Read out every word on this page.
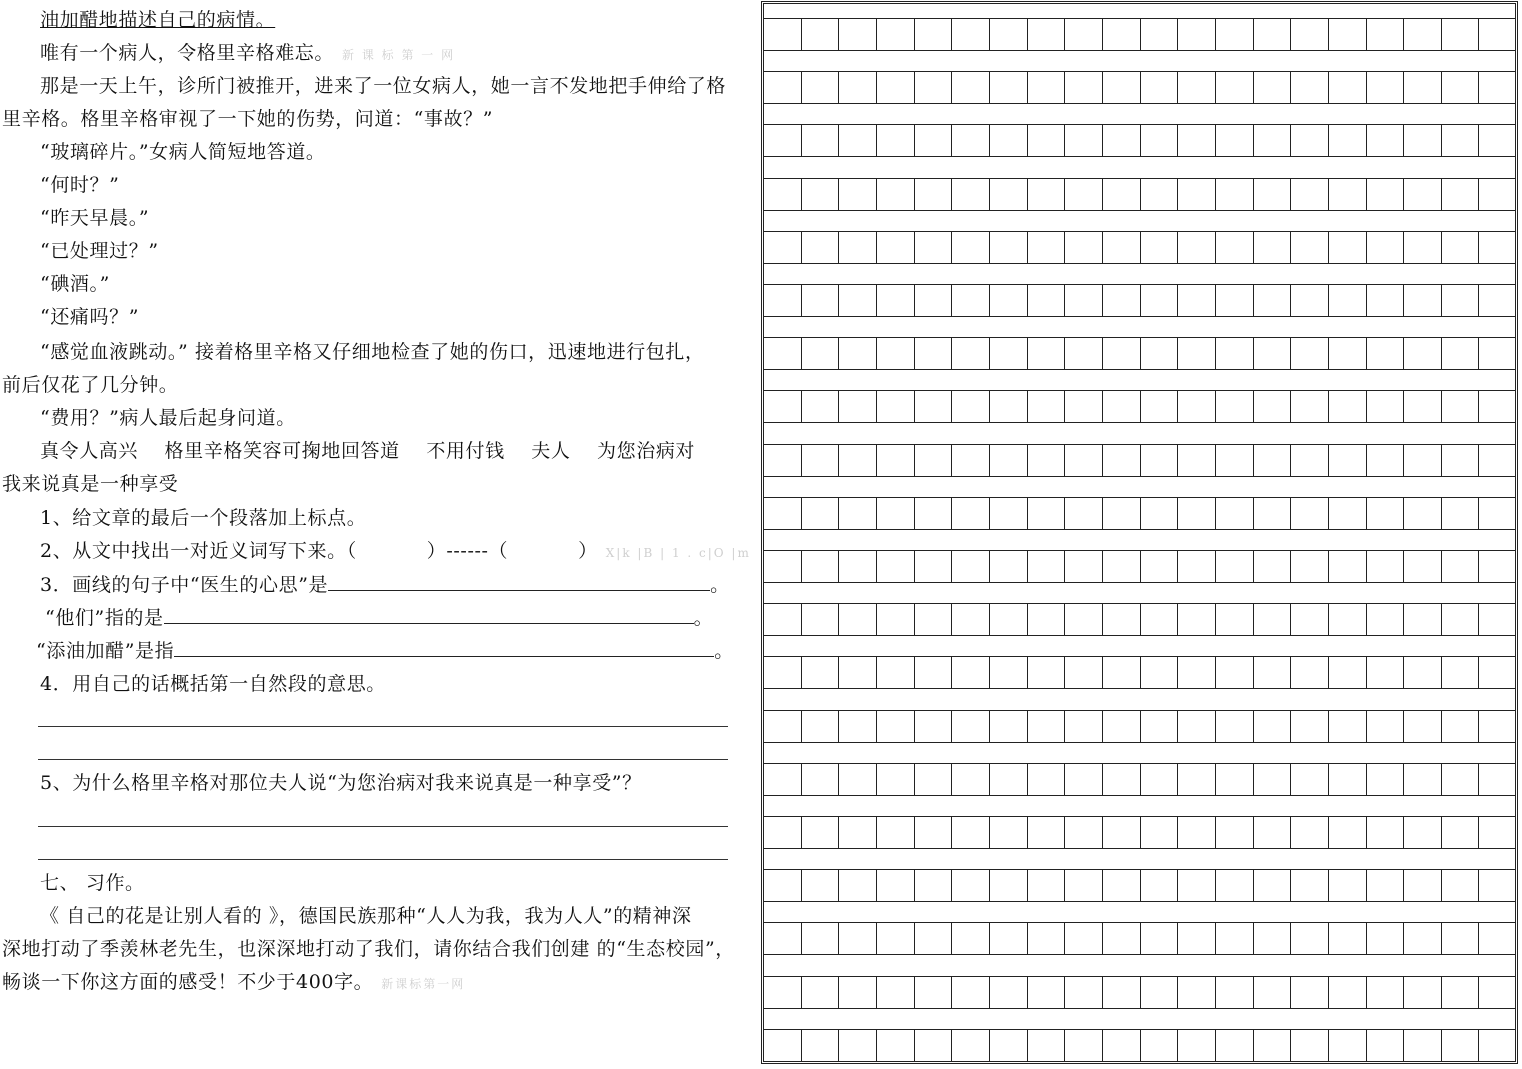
油加醋地描述自己的病情。
唯有一个病人，令格里辛格难忘。 新 课 标 第 一 网
那是一天上午，诊所门被推开，进来了一位女病人，她一言不发地把手伸给了格
里辛格。格里辛格审视了一下她的伤势，问道：“事故？”
“玻璃碎片。”女病人简短地答道。
“何时？”
“昨天早晨。”
“已处理过？”
“碘酒。”
“还痛吗？”
“感觉血液跳动。” 接着格里辛格又仔细地检查了她的伤口，迅速地进行包扎，
前后仅花了几分钟。
“费用？”病人最后起身问道。
真令人高兴    格里辛格笑容可掬地回答道    不用付钱    夫人    为您治病对
我来说真是一种享受
1、给文章的最后一个段落加上标点。
2、从文中找出一对近义词写下来。（	）------（	） X|k |B | 1 . c|O |m
3．画线的句子中“医生的心思”是	。
“他们”指的是	。
“添油加醋”是指	。
4．用自己的话概括第一自然段的意思。
5、为什么格里辛格对那位夫人说“为您治病对我来说真是一种享受”？
七、 习作。
《 自己的花是让别人看的 》，德国民族那种“人人为我，我为人人”的精神深
深地打动了季羡林老先生，也深深地打动了我们，请你结合我们创建 的“生态校园”，
畅谈一下你这方面的感受！不少于400字。 新课标第一网
